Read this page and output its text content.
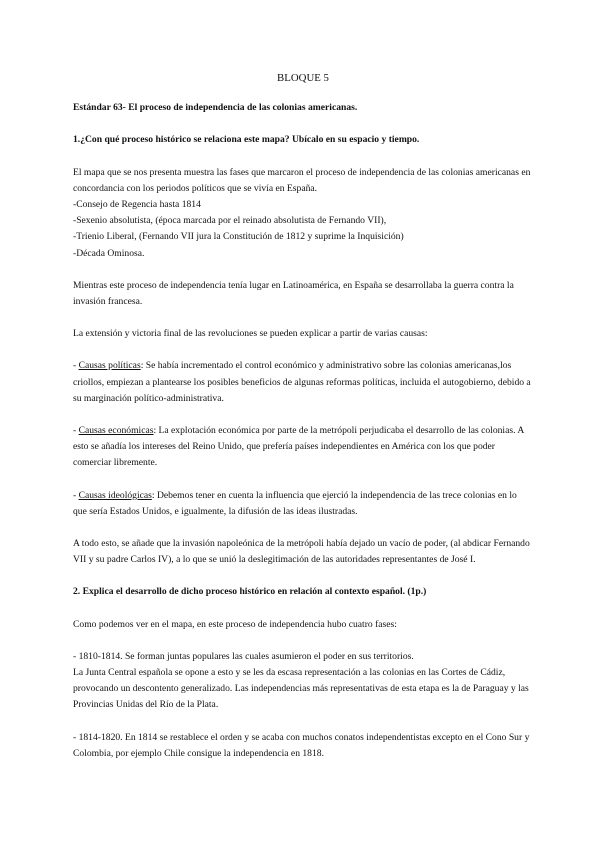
BLOQUE 5

Estándar 63- El proceso de independencia de las colonias americanas.

1.¿Con qué proceso histórico se relaciona este mapa? Ubícalo en su espacio y tiempo.

El mapa que se nos presenta muestra las fases que marcaron el proceso de independencia de las colonias americanas en concordancia con los periodos políticos que se vivía en España.

-Consejo de Regencia hasta 1814

-Sexenio absolutista, (época marcada por el reinado absolutista de Fernando VII),

-Trienio Liberal, (Fernando VII jura la Constitución de 1812 y suprime la Inquisición)

-Década Ominosa.

Mientras este proceso de independencia tenía lugar en Latinoamérica, en España se desarrollaba la guerra contra la invasión francesa.

La extensión y victoria final de las revoluciones se pueden explicar a partir de varias causas:

- Causas políticas: Se había incrementado el control económico y administrativo sobre las colonias americanas,los criollos, empiezan a plantearse los posibles beneficios de algunas reformas políticas, incluida el autogobierno, debido a su marginación político-administrativa.

- Causas económicas: La explotación económica por parte de la metrópoli perjudicaba el desarrollo de las colonias. A esto se añadía los intereses del Reino Unido, que prefería países independientes en América con los que poder comerciar libremente.

- Causas ideológicas: Debemos tener en cuenta la influencia que ejerció la independencia de las trece colonias en lo que sería Estados Unidos, e igualmente, la difusión de las ideas ilustradas.

A todo esto, se añade que la invasión napoleónica de la metrópoli había dejado un vacío de poder, (al abdicar Fernando VII y su padre Carlos IV), a lo que se unió la deslegitimación de las autoridades representantes de José I.

2. Explica el desarrollo de dicho proceso histórico en relación al contexto español. (1p.)

Como podemos ver en el mapa, en este proceso de independencia hubo cuatro fases:

- 1810-1814. Se forman juntas populares las cuales asumieron el poder en sus territorios.

La Junta Central española se opone a esto y se les da escasa representación a las colonias en las Cortes de Cádiz, provocando un descontento generalizado. Las independencias más representativas de esta etapa es la de Paraguay y las Provincias Unidas del Río de la Plata.

- 1814-1820. En 1814 se restablece el orden y se acaba con muchos conatos independentistas excepto en el Cono Sur y Colombia, por ejemplo Chile consigue la independencia en 1818.
